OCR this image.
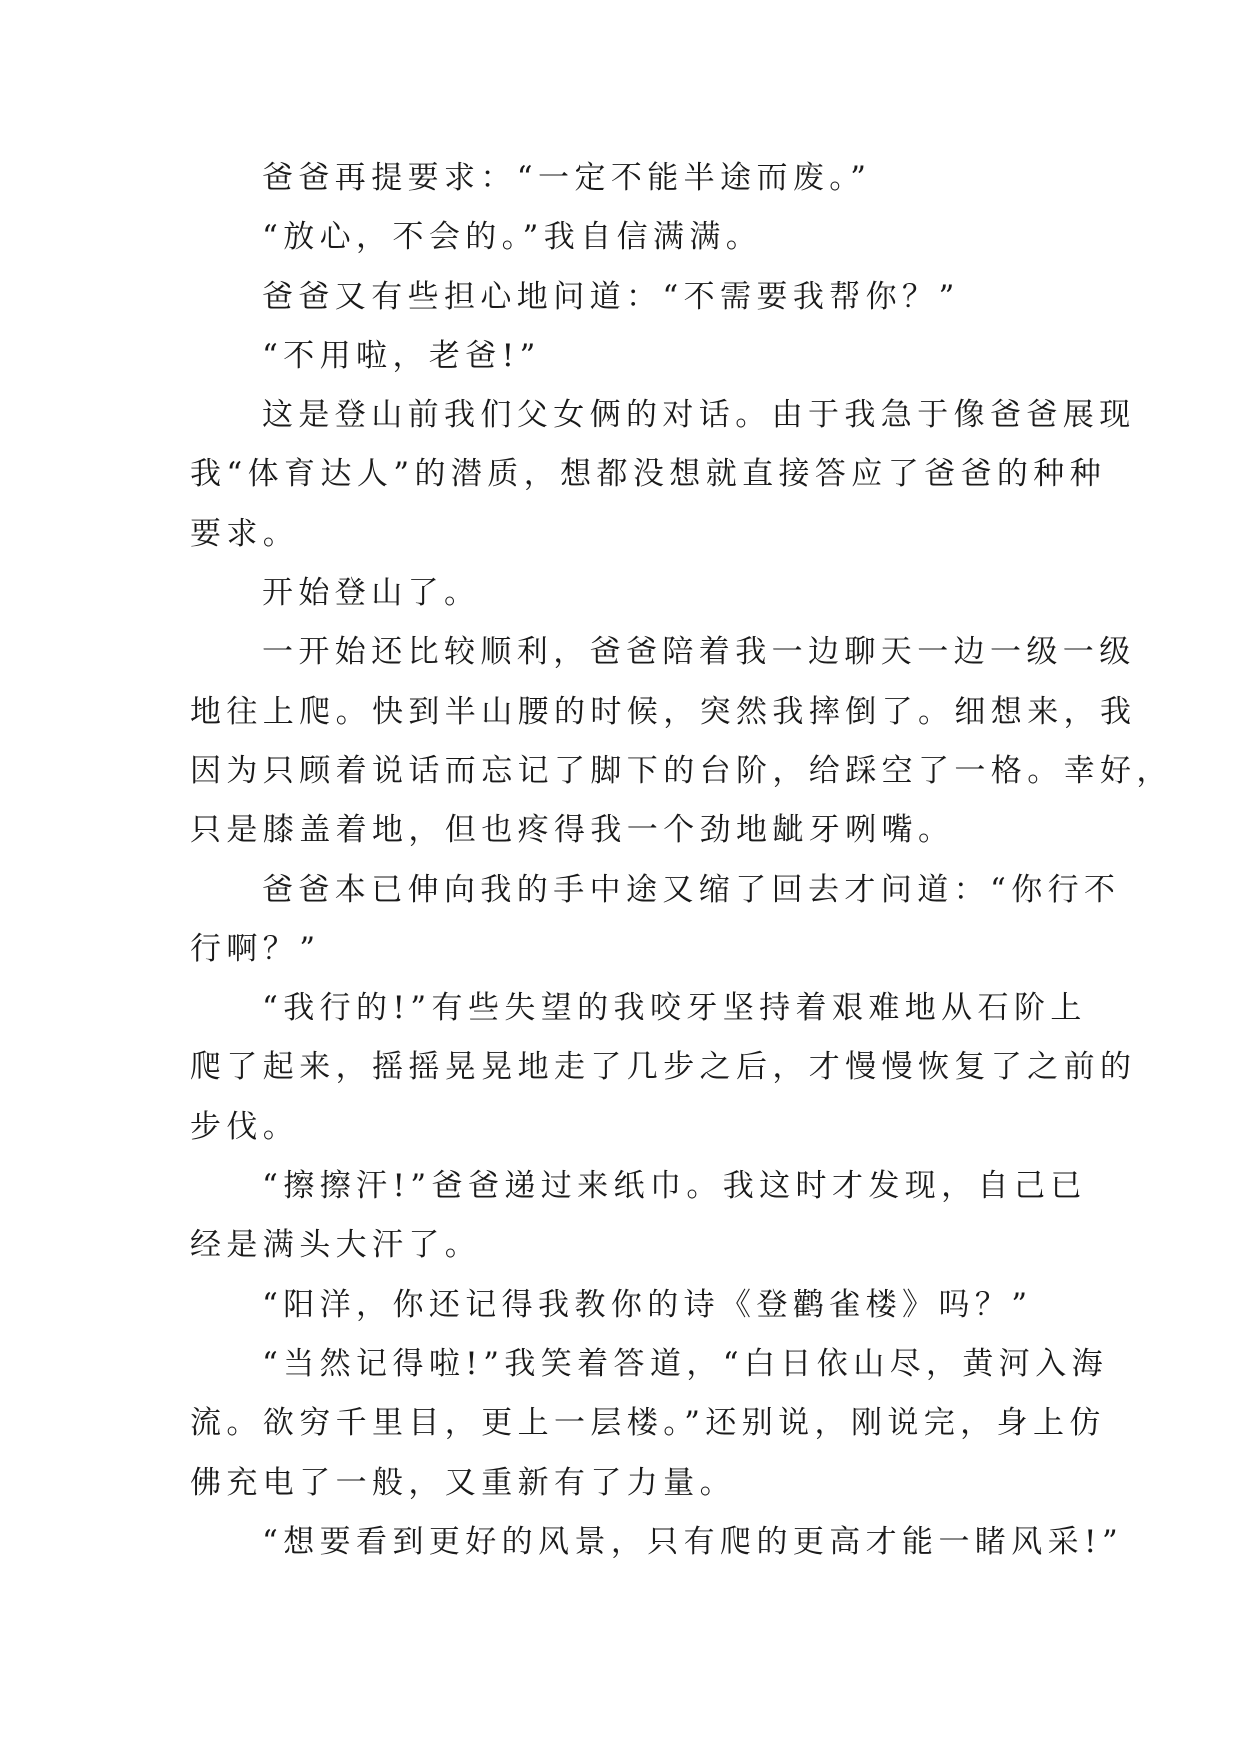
爸爸再提要求：“一定不能半途而废。”

“放心，不会的。”我自信满满。

爸爸又有些担心地问道：“不需要我帮你？”

“不用啦，老爸!”

这是登山前我们父女俩的对话。由于我急于像爸爸展现
我“体育达人”的潜质，想都没想就直接答应了爸爸的种种
要求。

开始登山了。

一开始还比较顺利，爸爸陪着我一边聊天一边一级一级
地往上爬。快到半山腰的时候，突然我摔倒了。细想来，我
因为只顾着说话而忘记了脚下的台阶，给踩空了一格。幸好，
只是膝盖着地，但也疼得我一个劲地龇牙咧嘴。

爸爸本已伸向我的手中途又缩了回去才问道：“你行不
行啊？”

“我行的!”有些失望的我咬牙坚持着艰难地从石阶上
爬了起来，摇摇晃晃地走了几步之后，才慢慢恢复了之前的
步伐。

“擦擦汗!”爸爸递过来纸巾。我这时才发现，自己已
经是满头大汗了。

“阳洋，你还记得我教你的诗《登鹳雀楼》吗？”

“当然记得啦!”我笑着答道，“白日依山尽，黄河入海
流。欲穷千里目，更上一层楼。”还别说，刚说完，身上仿
佛充电了一般，又重新有了力量。

“想要看到更好的风景，只有爬的更高才能一睹风采!”
